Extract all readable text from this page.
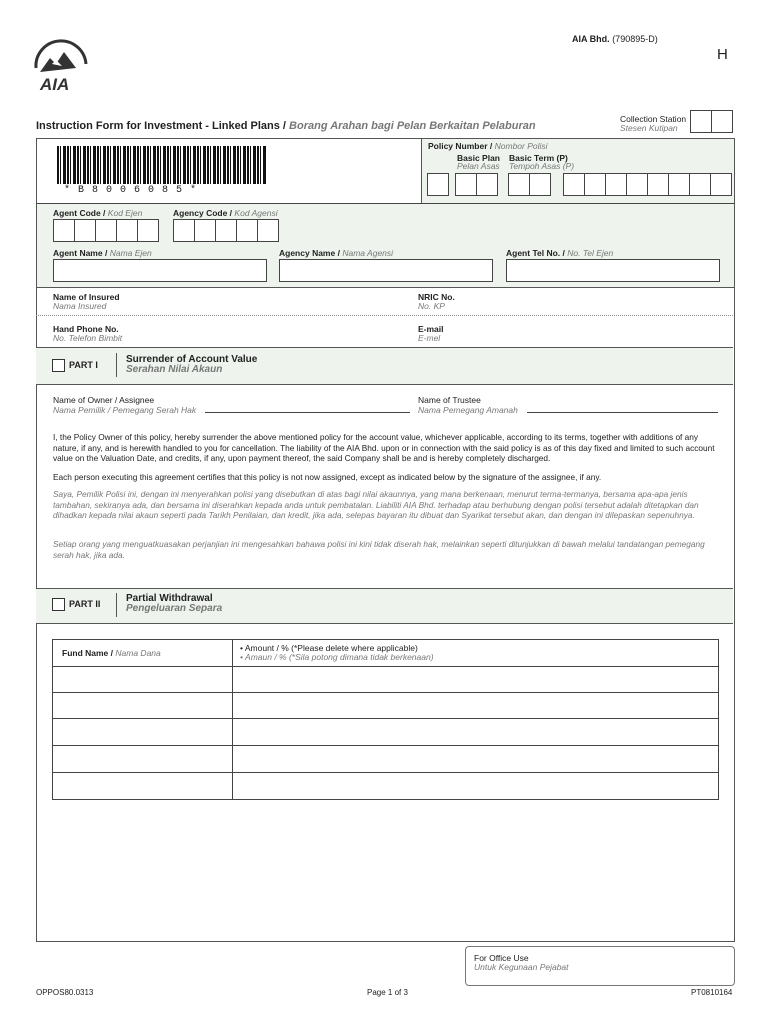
AIA
AIA Bhd. (790895-D)
H
Collection Station
Stesen Kutipan
Instruction Form for Investment - Linked Plans / Borang Arahan bagi Pelan Berkaitan Pelaburan
* B 8 0 0 6 0 8 5 *
Policy Number / Nombor Polisi
Basic Plan
Pelan Asas
Basic Term (P)
Tempoh Asas (P)
Agent Code / Kod Ejen	Agency Code / Kod Agensi
Agent Name / Nama Ejen	Agency Name / Nama Agensi	Agent Tel No. / No. Tel Ejen
Name of Insured
Nama Insured
NRIC No.
No. KP
Hand Phone No.
No. Telefon Bimbit
E-mail
E-mel
PART I	Surrender of Account Value
Serahan Nilai Akaun
Name of Owner / Assignee
Nama Pemilik / Pemegang Serah Hak
Name of Trustee
Nama Pemegang Amanah
I, the Policy Owner of this policy, hereby surrender the above mentioned policy for the account value, whichever applicable, according to its terms, together with additions of any nature, if any, and is herewith handled to you for cancellation. The liability of the AIA Bhd. upon or in connection with the said policy is as of this day fixed and limited to such account value on the Valuation Date, and credits, if any, upon payment thereof, the said Company shall be and is hereby completely discharged.
Each person executing this agreement certifies that this policy is not now assigned, except as indicated below by the signature of the assignee, if any.
Saya, Pemilik Polisi ini, dengan ini menyerahkan polisi yang disebutkan di atas bagi nilai akaunnya, yang mana berkenaan, menurut terma-termanya, bersama apa-apa jenis tambahan, sekiranya ada, dan bersama ini diserahkan kepada anda untuk pembatalan. Liabiliti AIA Bhd. terhadap atau berhubung dengan polisi tersebut adalah ditetapkan dan dihadkan kepada nilai akaun seperti pada Tarikh Penilaian, dan kredit, jika ada, selepas bayaran itu dibuat dan Syarikat tersebut akan, dan dengan ini dilepaskan sepenuhnya.
Setiap orang yang menguatkuasakan perjanjian ini mengesahkan bahawa polisi ini kini tidak diserah hak, melainkan seperti ditunjukkan di bawah melalui tandatangan pemegang serah hak, jika ada.
PART II	Partial Withdrawal
Pengeluaran Separa
Fund Name / Nama Dana	• Amount / % (*Please delete where applicable)
• Amaun / % (*Sila potong dimana tidak berkenaan)
For Office Use
Untuk Kegunaan Pejabat
OPPOS80.0313	Page 1 of 3	PT0810164
